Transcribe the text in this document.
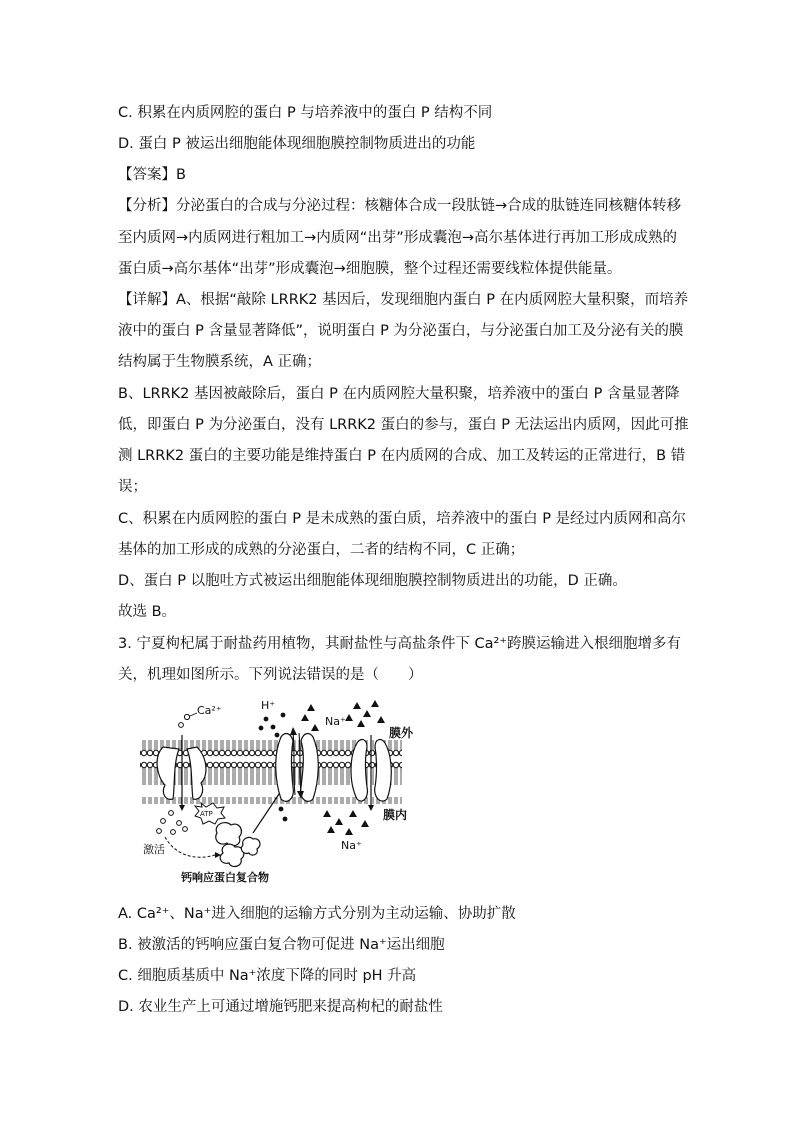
C. 积累在内质网腔的蛋白 P 与培养液中的蛋白 P 结构不同
D. 蛋白 P 被运出细胞能体现细胞膜控制物质进出的功能
【答案】B
【分析】分泌蛋白的合成与分泌过程：核糖体合成一段肽链→合成的肽链连同核糖体转移
至内质网→内质网进行粗加工→内质网“出芽”形成囊泡→高尔基体进行再加工形成成熟的
蛋白质→高尔基体“出芽”形成囊泡→细胞膜，整个过程还需要线粒体提供能量。
【详解】A、根据“敲除 LRRK2 基因后，发现细胞内蛋白 P 在内质网腔大量积聚，而培养
液中的蛋白 P 含量显著降低”，说明蛋白 P 为分泌蛋白，与分泌蛋白加工及分泌有关的膜
结构属于生物膜系统，A 正确；
B、LRRK2 基因被敲除后，蛋白 P 在内质网腔大量积聚，培养液中的蛋白 P 含量显著降
低，即蛋白 P 为分泌蛋白，没有 LRRK2 蛋白的参与，蛋白 P 无法运出内质网，因此可推
测 LRRK2 蛋白的主要功能是维持蛋白 P 在内质网的合成、加工及转运的正常进行，B 错
误；
C、积累在内质网腔的蛋白 P 是未成熟的蛋白质，培养液中的蛋白 P 是经过内质网和高尔
基体的加工形成的成熟的分泌蛋白，二者的结构不同，C 正确；
D、蛋白 P 以胞吐方式被运出细胞能体现细胞膜控制物质进出的功能，D 正确。
故选 B。
3. 宁夏枸杞属于耐盐药用植物，其耐盐性与高盐条件下 Ca²⁺跨膜运输进入根细胞增多有
关，机理如图所示。下列说法错误的是（　　）
Ca²⁺
ATP
激活
H⁺
Na⁺
膜外
膜内
Na⁺
钙响应蛋白复合物
A. Ca²⁺、Na⁺进入细胞的运输方式分别为主动运输、协助扩散
B. 被激活的钙响应蛋白复合物可促进 Na⁺运出细胞
C. 细胞质基质中 Na⁺浓度下降的同时 pH 升高
D. 农业生产上可通过增施钙肥来提高枸杞的耐盐性
